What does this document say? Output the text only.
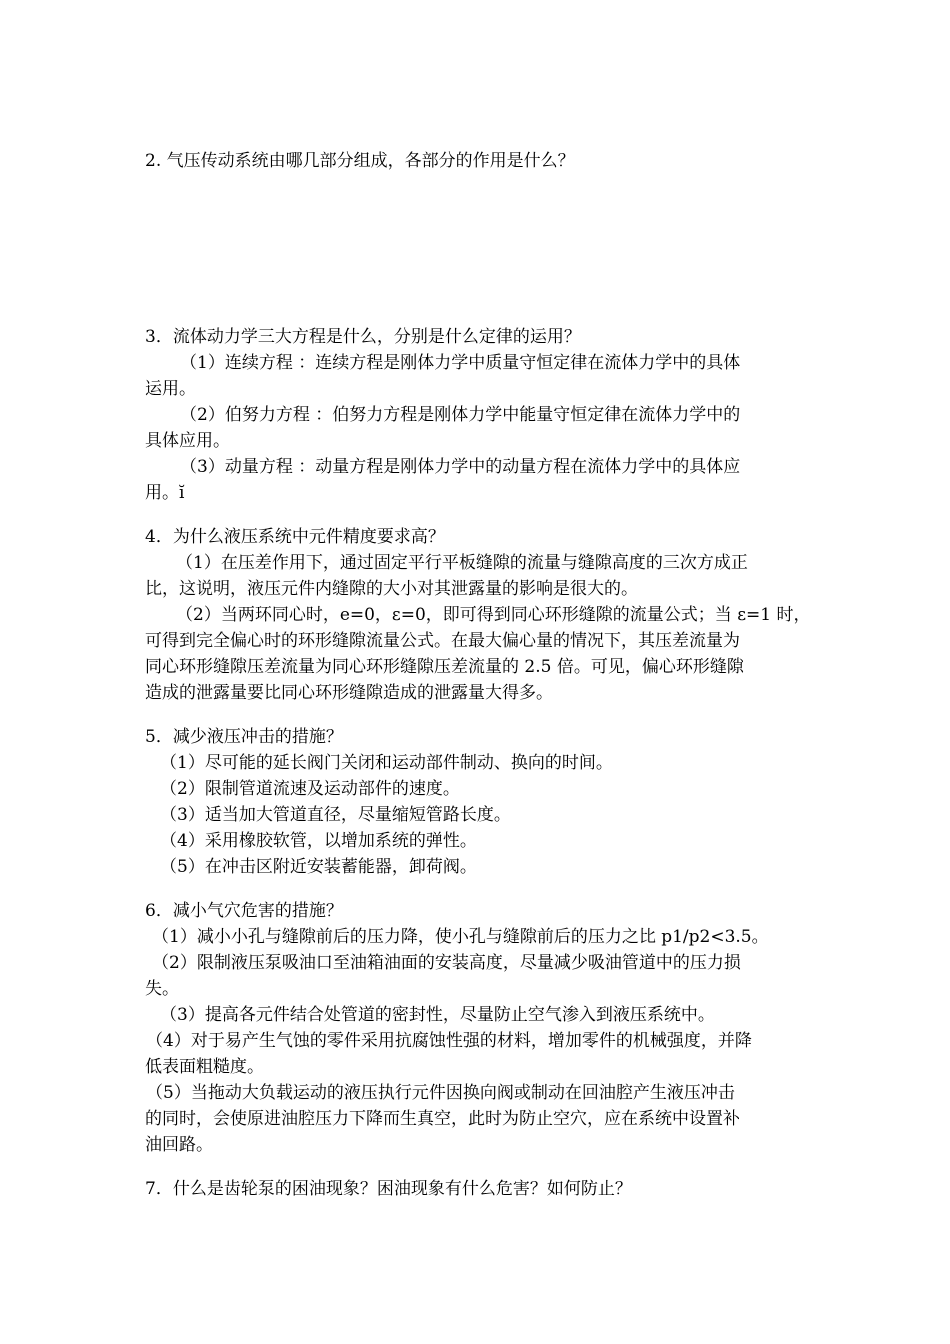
2. 气压传动系统由哪几部分组成，各部分的作用是什么？
3．流体动力学三大方程是什么，分别是什么定律的运用？
（1）连续方程 ：连续方程是刚体力学中质量守恒定律在流体力学中的具体
运用。
（2）伯努力方程 ：伯努力方程是刚体力学中能量守恒定律在流体力学中的
具体应用。
（3）动量方程 ：动量方程是刚体力学中的动量方程在流体力学中的具体应
用。ĭ
4．为什么液压系统中元件精度要求高？
（1）在压差作用下，通过固定平行平板缝隙的流量与缝隙高度的三次方成正
比，这说明，液压元件内缝隙的大小对其泄露量的影响是很大的。
（2）当两环同心时，e=0，ε=0，即可得到同心环形缝隙的流量公式；当 ε=1 时，
可得到完全偏心时的环形缝隙流量公式。在最大偏心量的情况下，其压差流量为
同心环形缝隙压差流量为同心环形缝隙压差流量的 2.5 倍。可见，偏心环形缝隙
造成的泄露量要比同心环形缝隙造成的泄露量大得多。
5．减少液压冲击的措施？
（1）尽可能的延长阀门关闭和运动部件制动、换向的时间。
（2）限制管道流速及运动部件的速度。
（3）适当加大管道直径，尽量缩短管路长度。
（4）采用橡胶软管，以增加系统的弹性。
（5）在冲击区附近安装蓄能器，卸荷阀。
6．减小气穴危害的措施？
（1）减小小孔与缝隙前后的压力降，使小孔与缝隙前后的压力之比 p1/p2<3.5。
（2）限制液压泵吸油口至油箱油面的安装高度，尽量减少吸油管道中的压力损
失。
（3）提高各元件结合处管道的密封性，尽量防止空气渗入到液压系统中。
（4）对于易产生气蚀的零件采用抗腐蚀性强的材料，增加零件的机械强度，并降
低表面粗糙度。
（5）当拖动大负载运动的液压执行元件因换向阀或制动在回油腔产生液压冲击
的同时，会使原进油腔压力下降而生真空，此时为防止空穴，应在系统中设置补
油回路。
7．什么是齿轮泵的困油现象？困油现象有什么危害？如何防止？
